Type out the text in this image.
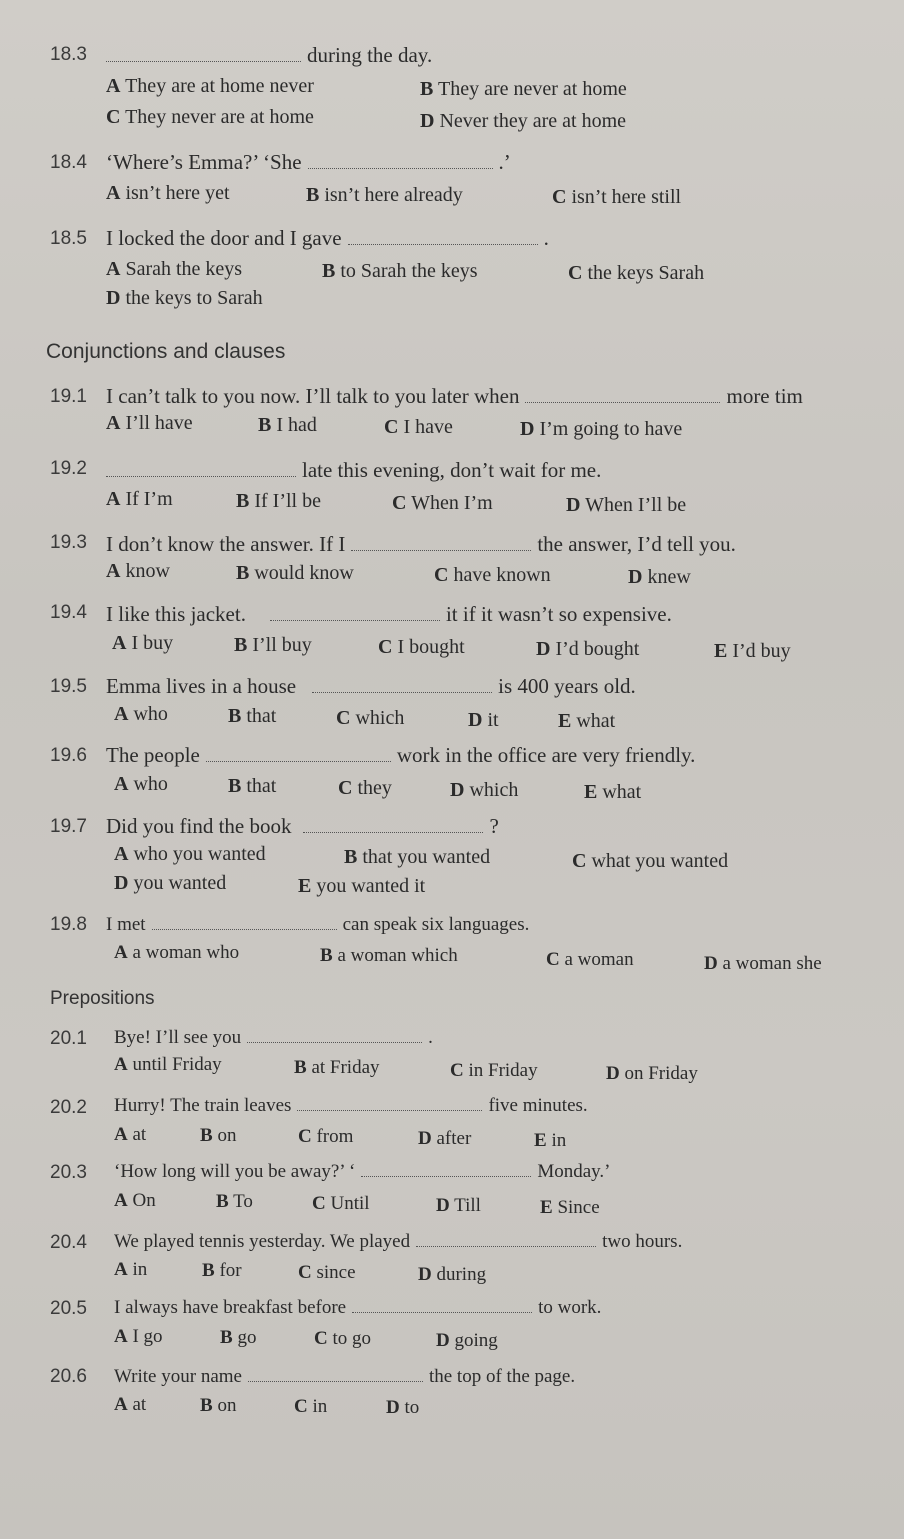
18.3	during the day.
A They are at home never	B They are never at home
C They never are at home	D Never they are at home
18.4 ‘Where’s Emma?’ ‘She	.’
A isn’t here yet	B isn’t here already	C isn’t here still
18.5 I locked the door and I gave	.
A Sarah the keys	B to Sarah the keys	C the keys Sarah
D the keys to Sarah
Conjunctions and clauses
19.1 I can’t talk to you now. I’ll talk to you later when	more tim
A I’ll have	B I had	C I have	D I’m going to have
19.2	late this evening, don’t wait for me.
A If I’m	B If I’ll be	C When I’m	D When I’ll be
19.3 I don’t know the answer. If I	the answer, I’d tell you.
A know	B would know	C have known	D knew
19.4 I like this jacket.	it if it wasn’t so expensive.
A I buy	B I’ll buy	C I bought	D I’d bought	E I’d buy
19.5 Emma lives in a house	is 400 years old.
A who	B that	C which	D it	E what
19.6 The people	work in the office are very friendly.
A who	B that	C they	D which	E what
19.7 Did you find the book	?
A who you wanted	B that you wanted	C what you wanted
D you wanted	E you wanted it
19.8 I met	can speak six languages.
A a woman who	B a woman which	C a woman	D a woman she
Prepositions
20.1 Bye! I’ll see you	.
A until Friday	B at Friday	C in Friday	D on Friday
20.2 Hurry! The train leaves	five minutes.
A at	B on	C from	D after	E in
20.3 ‘How long will you be away?’ ‘	Monday.’
A On	B To	C Until	D Till	E Since
20.4 We played tennis yesterday. We played	two hours.
A in	B for	C since	D during
20.5 I always have breakfast before	to work.
A I go	B go	C to go	D going
20.6 Write your name	the top of the page.
A at	B on	C in	D to
